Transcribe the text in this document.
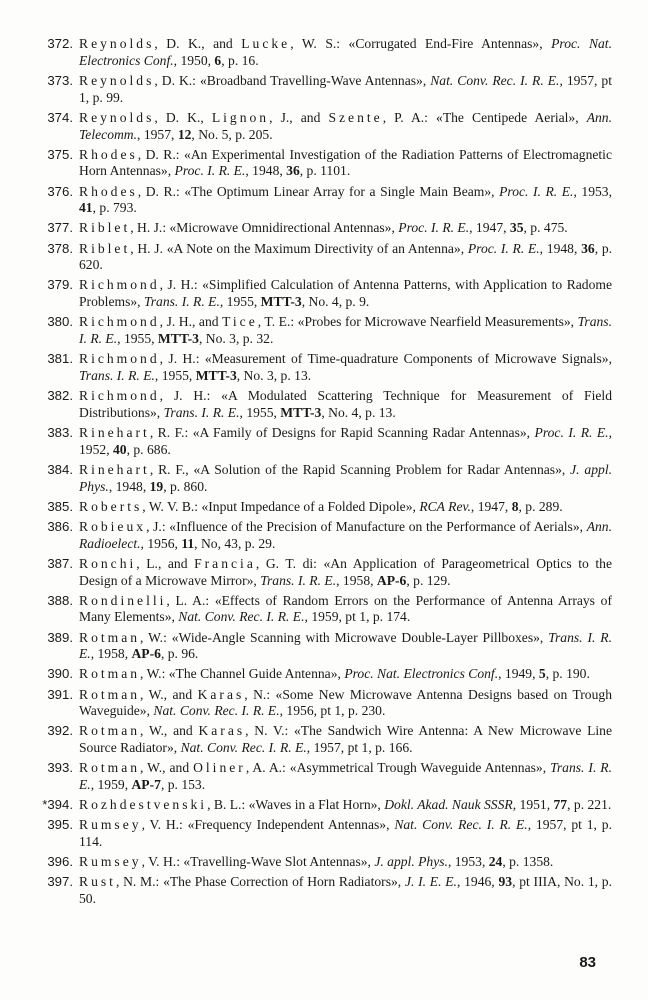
372. Reynolds, D. K., and Lucke, W. S.: «Corrugated End-Fire Antennas», Proc. Nat. Electronics Conf., 1950, 6, p. 16.
373. Reynolds, D. K.: «Broadband Travelling-Wave Antennas», Nat. Conv. Rec. I. R. E., 1957, pt 1, p. 99.
374. Reynolds, D. K., Lignon, J., and Szente, P. A.: «The Centipede Aerial», Ann. Telecomm., 1957, 12, No. 5, p. 205.
375. Rhodes, D. R.: «An Experimental Investigation of the Radiation Patterns of Electromagnetic Horn Antennas», Proc. I. R. E., 1948, 36, p. 1101.
376. Rhodes, D. R.: «The Optimum Linear Array for a Single Main Beam», Proc. I. R. E., 1953, 41, p. 793.
377. Riblet, H. J.: «Microwave Omnidirectional Antennas», Proc. I. R. E., 1947, 35, p. 475.
378. Riblet, H. J. «A Note on the Maximum Directivity of an Antenna», Proc. I. R. E., 1948, 36, p. 620.
379. Richmond, J. H.: «Simplified Calculation of Antenna Patterns, with Application to Radome Problems», Trans. I. R. E., 1955, MTT-3, No. 4, p. 9.
380. Richmond, J. H., and Tice, T. E.: «Probes for Microwave Nearfield Measurements», Trans. I. R. E., 1955, MTT-3, No. 3, p. 32.
381. Richmond, J. H.: «Measurement of Time-quadrature Components of Microwave Signals», Trans. I. R. E., 1955, MTT-3, No. 3, p. 13.
382. Richmond, J. H.: «A Modulated Scattering Technique for Measurement of Field Distributions», Trans. I. R. E., 1955, MTT-3, No. 4, p. 13.
383. Rinehart, R. F.: «A Family of Designs for Rapid Scanning Radar Antennas», Proc. I. R. E., 1952, 40, p. 686.
384. Rinehart, R. F., «A Solution of the Rapid Scanning Problem for Radar Antennas», J. appl. Phys., 1948, 19, p. 860.
385. Roberts, W. V. B.: «Input Impedance of a Folded Dipole», RCA Rev., 1947, 8, p. 289.
386. Robieux, J.: «Influence of the Precision of Manufacture on the Performance of Aerials», Ann. Radioelect., 1956, 11, No, 43, p. 29.
387. Ronchi, L., and Francia, G. T. di: «An Application of Parageometrical Optics to the Design of a Microwave Mirror», Trans. I. R. E., 1958, AP-6, p. 129.
388. Rondinelli, L. A.: «Effects of Random Errors on the Performance of Antenna Arrays of Many Elements», Nat. Conv. Rec. I. R. E., 1959, pt 1, p. 174.
389. Rotman, W.: «Wide-Angle Scanning with Microwave Double-Layer Pillboxes», Trans. I. R. E., 1958, AP-6, p. 96.
390. Rotman, W.: «The Channel Guide Antenna», Proc. Nat. Electronics Conf., 1949, 5, p. 190.
391. Rotman, W., and Karas, N.: «Some New Microwave Antenna Designs based on Trough Waveguide», Nat. Conv. Rec. I. R. E., 1956, pt 1, p. 230.
392. Rotman, W., and Karas, N. V.: «The Sandwich Wire Antenna: A New Microwave Line Source Radiator», Nat. Conv. Rec. I. R. E., 1957, pt 1, p. 166.
393. Rotman, W., and Oliner, A. A.: «Asymmetrical Trough Waveguide Antennas», Trans. I. R. E., 1959, AP-7, p. 153.
*394. Rozhdestvenski, B. L.: «Waves in a Flat Horn», Dokl. Akad. Nauk SSSR, 1951, 77, p. 221.
395. Rumsey, V. H.: «Frequency Independent Antennas», Nat. Conv. Rec. I. R. E., 1957, pt 1, p. 114.
396. Rumsey, V. H.: «Travelling-Wave Slot Antennas», J. appl. Phys., 1953, 24, p. 1358.
397. Rust, N. M.: «The Phase Correction of Horn Radiators», J. I. E. E., 1946, 93, pt IIIA, No. 1, p. 50.
83
